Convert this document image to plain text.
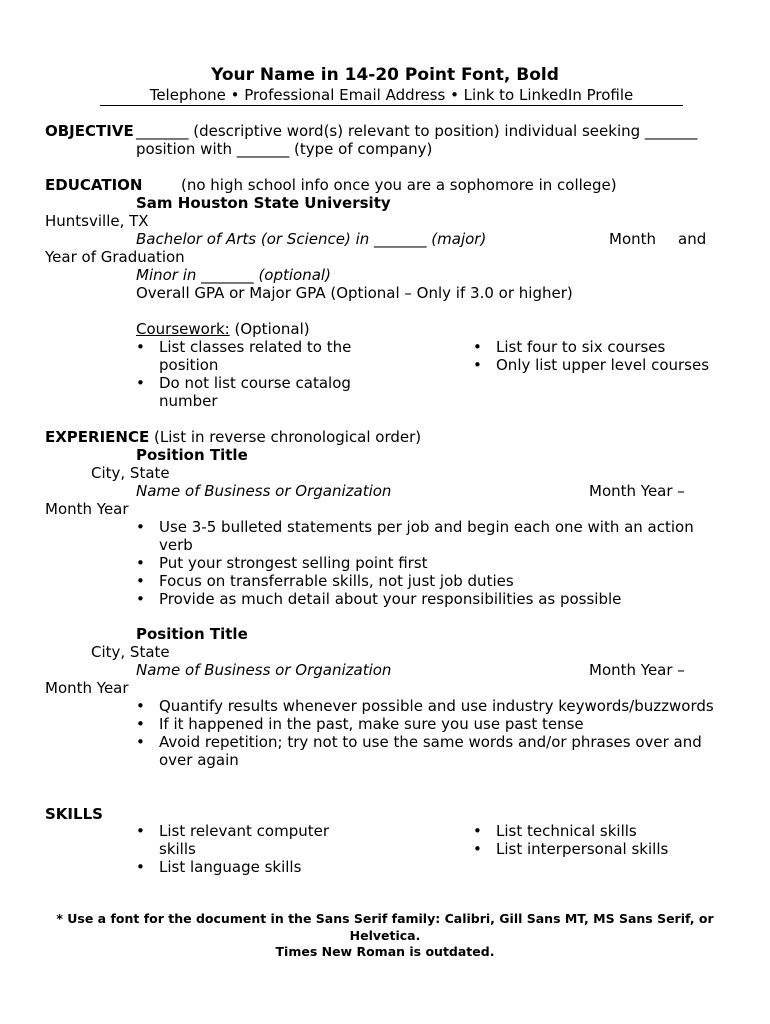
Your Name in 14-20 Point Font, Bold
Telephone • Professional Email Address • Link to LinkedIn Profile
OBJECTIVE _______ (descriptive word(s) relevant to position) individual seeking _______
position with _______ (type of company)
EDUCATION	(no high school info once you are a sophomore in college)
Sam Houston State University
Huntsville, TX
Bachelor of Arts (or Science) in _______ (major)	Month and
Year of Graduation
Minor in _______ (optional)
Overall GPA or Major GPA (Optional – Only if 3.0 or higher)
Coursework: (Optional)
• List classes related to the position
• Do not list course catalog number
• List four to six courses
• Only list upper level courses
EXPERIENCE (List in reverse chronological order)
Position Title
City, State
Name of Business or Organization	Month Year –
Month Year
• Use 3-5 bulleted statements per job and begin each one with an action verb
• Put your strongest selling point first
• Focus on transferrable skills, not just job duties
• Provide as much detail about your responsibilities as possible
Position Title
City, State
Name of Business or Organization	Month Year –
Month Year
• Quantify results whenever possible and use industry keywords/buzzwords
• If it happened in the past, make sure you use past tense
• Avoid repetition; try not to use the same words and/or phrases over and over again
SKILLS
• List relevant computer skills
• List language skills
• List technical skills
• List interpersonal skills
* Use a font for the document in the Sans Serif family: Calibri, Gill Sans MT, MS Sans Serif, or Helvetica.
Times New Roman is outdated.
